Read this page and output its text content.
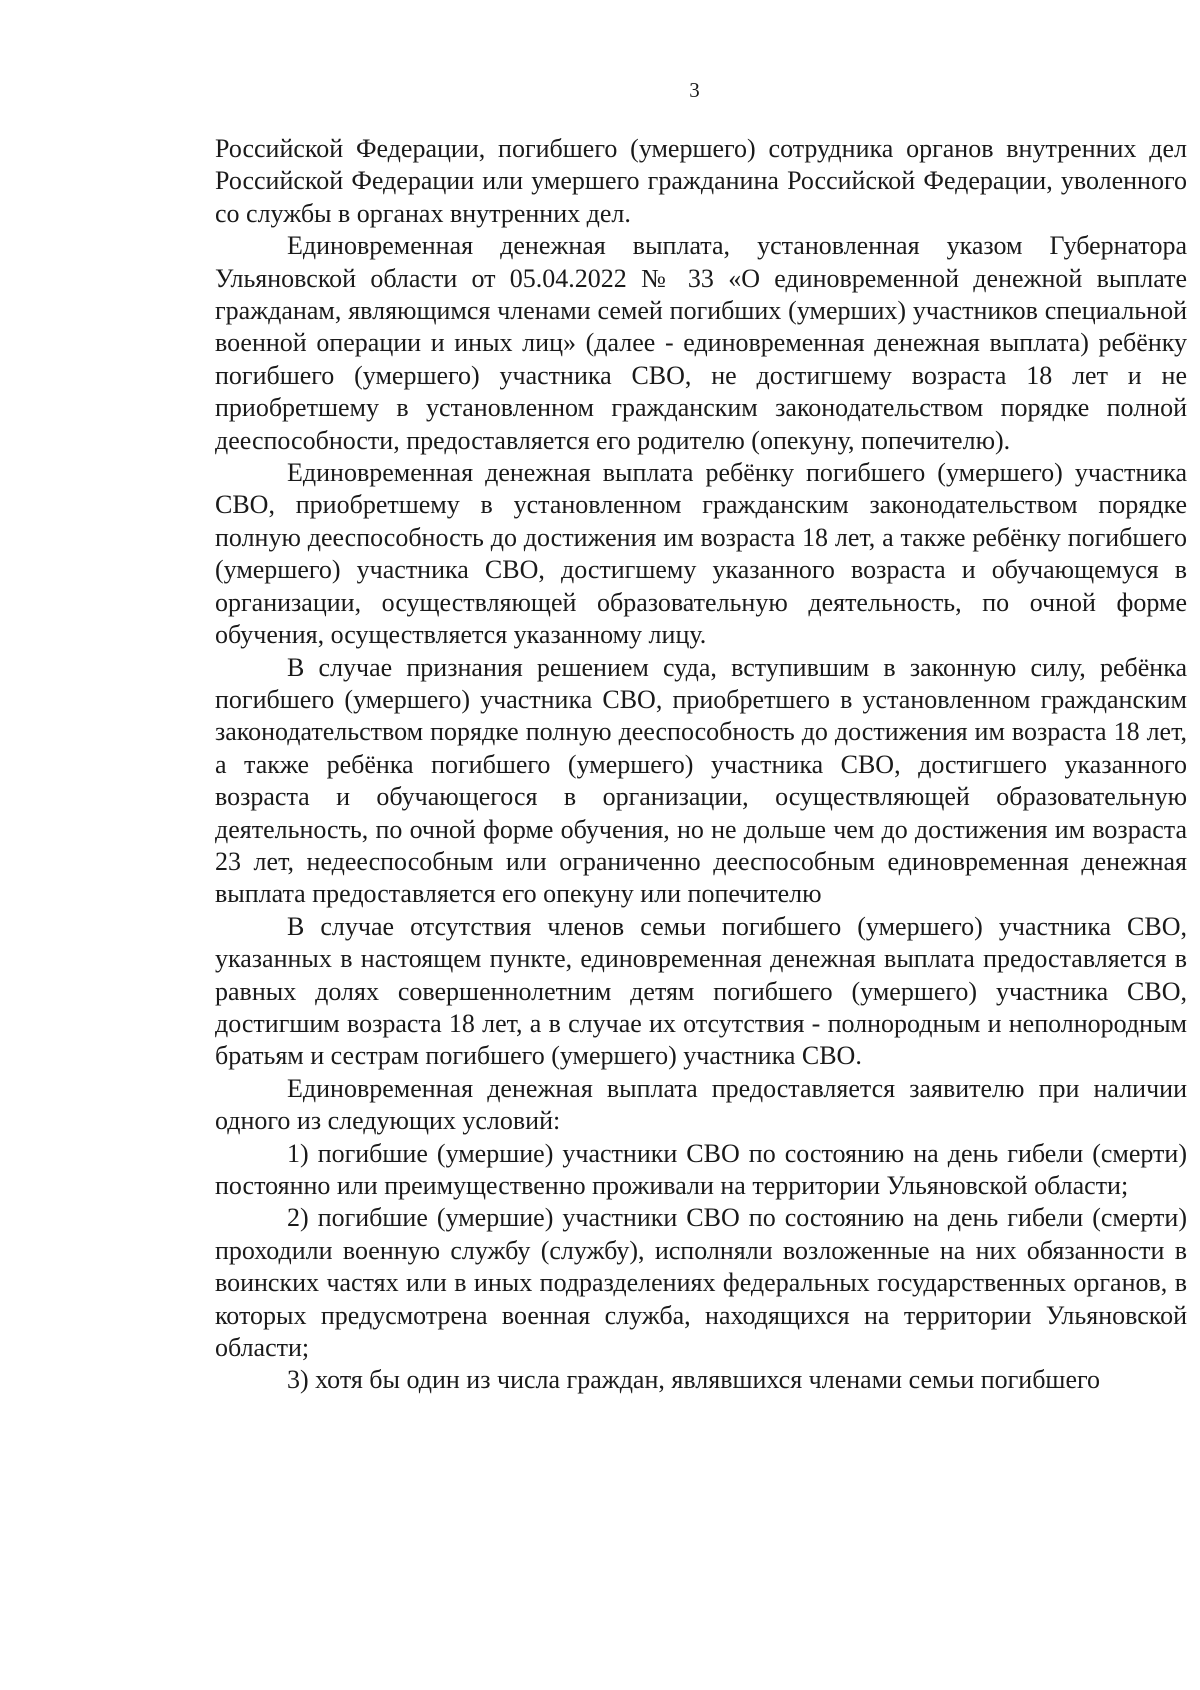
3

Российской Федерации, погибшего (умершего) сотрудника органов внутренних дел Российской Федерации или умершего гражданина Российской Федерации, уволенного со службы в органах внутренних дел.

Единовременная денежная выплата, установленная указом Губернатора Ульяновской области от 05.04.2022 № 33 «О единовременной денежной выплате гражданам, являющимся членами семей погибших (умерших) участников специальной военной операции и иных лиц» (далее - единовременная денежная выплата) ребёнку погибшего (умершего) участника СВО, не достигшему возраста 18 лет и не приобретшему в установленном гражданским законодательством порядке полной дееспособности, предоставляется его родителю (опекуну, попечителю).

Единовременная денежная выплата ребёнку погибшего (умершего) участника СВО, приобретшему в установленном гражданским законодательством порядке полную дееспособность до достижения им возраста 18 лет, а также ребёнку погибшего (умершего) участника СВО, достигшему указанного возраста и обучающемуся в организации, осуществляющей образовательную деятельность, по очной форме обучения, осуществляется указанному лицу.

В случае признания решением суда, вступившим в законную силу, ребёнка погибшего (умершего) участника СВО, приобретшего в установленном гражданским законодательством порядке полную дееспособность до достижения им возраста 18 лет, а также ребёнка погибшего (умершего) участника СВО, достигшего указанного возраста и обучающегося в организации, осуществляющей образовательную деятельность, по очной форме обучения, но не дольше чем до достижения им возраста 23 лет, недееспособным или ограниченно дееспособным единовременная денежная выплата предоставляется его опекуну или попечителю

В случае отсутствия членов семьи погибшего (умершего) участника СВО, указанных в настоящем пункте, единовременная денежная выплата предоставляется в равных долях совершеннолетним детям погибшего (умершего) участника СВО, достигшим возраста 18 лет, а в случае их отсутствия - полнородным и неполнородным братьям и сестрам погибшего (умершего) участника СВО.

Единовременная денежная выплата предоставляется заявителю при наличии одного из следующих условий:

1) погибшие (умершие) участники СВО по состоянию на день гибели (смерти) постоянно или преимущественно проживали на территории Ульяновской области;

2) погибшие (умершие) участники СВО по состоянию на день гибели (смерти) проходили военную службу (службу), исполняли возложенные на них обязанности в воинских частях или в иных подразделениях федеральных государственных органов, в которых предусмотрена военная служба, находящихся на территории Ульяновской области;

3) хотя бы один из числа граждан, являвшихся членами семьи погибшего
